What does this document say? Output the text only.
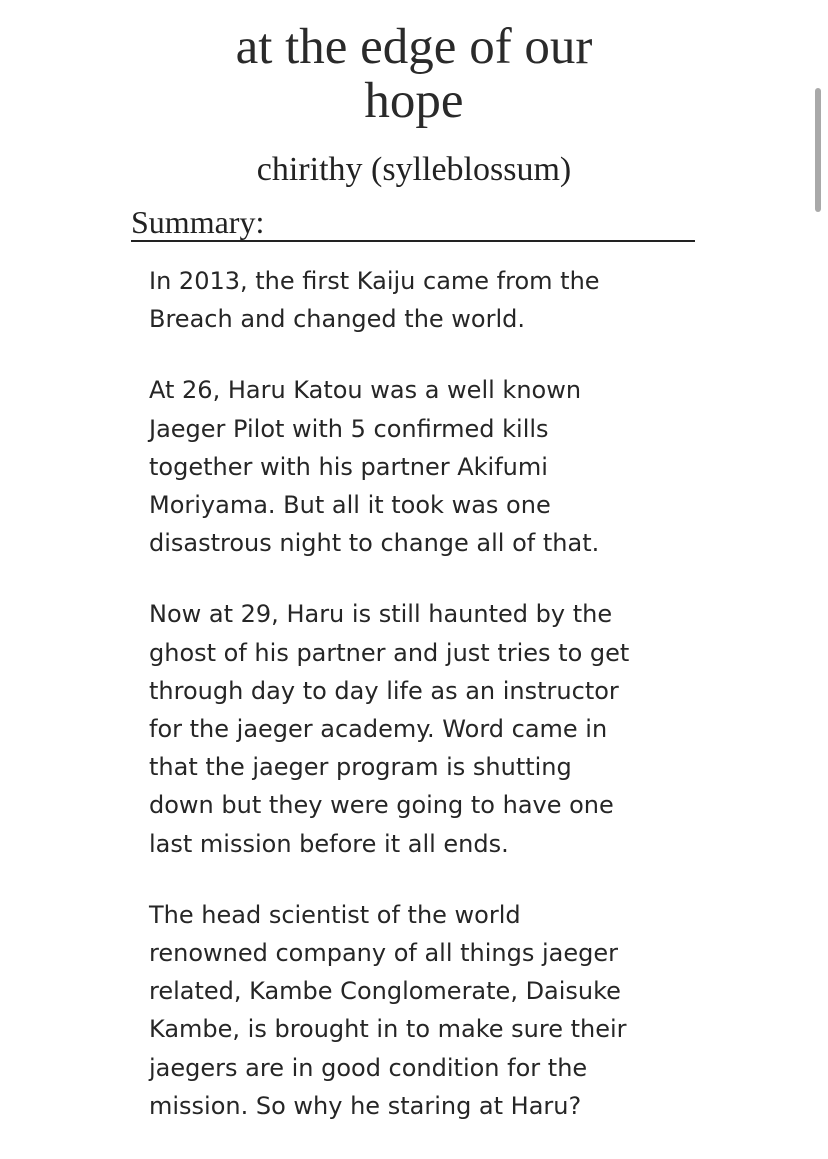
at the edge of our
hope
chirithy (sylleblossum)
Summary:

In 2013, the first Kaiju came from the
Breach and changed the world.

At 26, Haru Katou was a well known
Jaeger Pilot with 5 confirmed kills
together with his partner Akifumi
Moriyama. But all it took was one
disastrous night to change all of that.

Now at 29, Haru is still haunted by the
ghost of his partner and just tries to get
through day to day life as an instructor
for the jaeger academy. Word came in
that the jaeger program is shutting
down but they were going to have one
last mission before it all ends.

The head scientist of the world
renowned company of all things jaeger
related, Kambe Conglomerate, Daisuke
Kambe, is brought in to make sure their
jaegers are in good condition for the
mission. So why he staring at Haru?
